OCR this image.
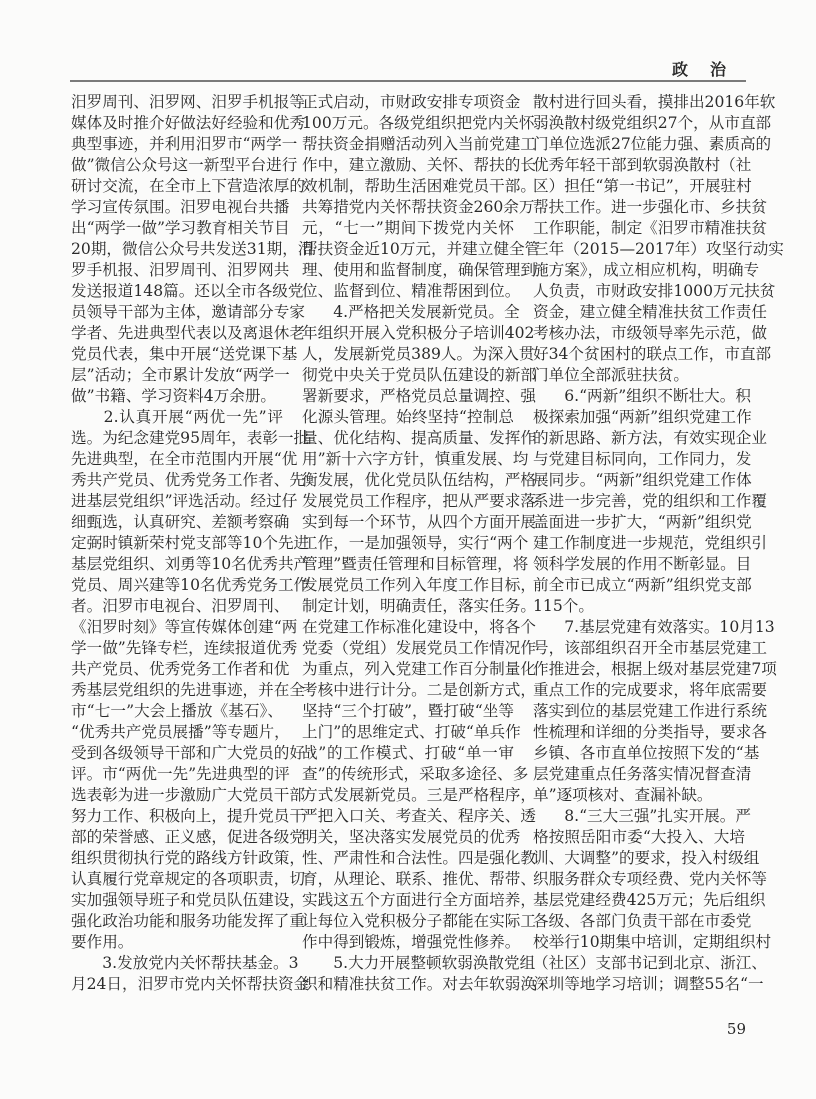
政治
汨罗周刊、汨罗网、汨罗手机报等
媒体及时推介好做法好经验和优秀
典型事迹，并利用汨罗市“两学一
做”微信公众号这一新型平台进行
研讨交流，在全市上下营造浓厚的
学习宣传氛围。汨罗电视台共播
出“两学一做”学习教育相关节目
20期，微信公众号共发送31期，汨
罗手机报、汨罗周刊、汨罗网共
发送报道148篇。还以全市各级党
员领导干部为主体，邀请部分专家
学者、先进典型代表以及离退休老
党员代表，集中开展“送党课下基
层”活动；全市累计发放“两学一
做”书籍、学习资料4万余册。
　　2.认真开展“两优一先”评
选。为纪念建党95周年，表彰一批
先进典型，在全市范围内开展“优
秀共产党员、优秀党务工作者、先
进基层党组织”评选活动。经过仔
细甄选，认真研究、差额考察确
定弼时镇新荣村党支部等10个先进
基层党组织、刘勇等10名优秀共产
党员、周兴建等10名优秀党务工作
者。汨罗市电视台、汨罗周刊、
《汨罗时刻》等宣传媒体创建“两
学一做”先锋专栏，连续报道优秀
共产党员、优秀党务工作者和优
秀基层党组织的先进事迹，并在全
市“七一”大会上播放《基石》、
“优秀共产党员展播”等专题片，
受到各级领导干部和广大党员的好
评。市“两优一先”先进典型的评
选表彰为进一步激励广大党员干部
努力工作、积极向上，提升党员干
部的荣誉感、正义感，促进各级党
组织贯彻执行党的路线方针政策，
认真履行党章规定的各项职责，切
实加强领导班子和党员队伍建设，
强化政治功能和服务功能发挥了重
要作用。
　　3.发放党内关怀帮扶基金。3
月24日，汨罗市党内关怀帮扶资金
正式启动，市财政安排专项资金
100万元。各级党组织把党内关怀
帮扶资金捐赠活动列入当前党建工
作中，建立激励、关怀、帮扶的长
效机制，帮助生活困难党员干部。
共筹措党内关怀帮扶资金260余万
元，“七一”期间下拨党内关怀
帮扶资金近10万元，并建立健全管
理、使用和监督制度，确保管理到
位、监督到位、精准帮困到位。
　　4.严格把关发展新党员。全
年组织开展入党积极分子培训402
人，发展新党员389人。为深入贯
彻党中央关于党员队伍建设的新部
署新要求，严格党员总量调控、强
化源头管理。始终坚持“控制总
量、优化结构、提高质量、发挥作
用”新十六字方针，慎重发展、均
衡发展，优化党员队伍结构，严格
发展党员工作程序，把从严要求落
实到每一个环节，从四个方面开展
工作，一是加强领导，实行“两个
管理”暨责任管理和目标管理，将
发展党员工作列入年度工作目标，
制定计划，明确责任，落实任务。
在党建工作标准化建设中，将各个
党委（党组）发展党员工作情况作
为重点，列入党建工作百分制量化
考核中进行计分。二是创新方式，
坚持“三个打破”，暨打破“坐等
上门”的思维定式、打破“单兵作
战”的工作模式、打破“单一审
查”的传统形式，采取多途径、多
方式发展新党员。三是严格程序，
严把入口关、考查关、程序关、透
明关，坚决落实发展党员的优秀
性、严肃性和合法性。四是强化教
育，从理论、联系、推优、帮带、
实践这五个方面进行全方面培养，
让每位入党积极分子都能在实际工
作中得到锻炼，增强党性修养。
　　5.大力开展整顿软弱涣散党组
织和精准扶贫工作。对去年软弱涣
散村进行回头看，摸排出2016年软
弱涣散村级党组织27个，从市直部
门单位选派27位能力强、素质高的
优秀年轻干部到软弱涣散村（社
区）担任“第一书记”，开展驻村
帮扶工作。进一步强化市、乡扶贫
工作职能，制定《汨罗市精准扶贫
三年（2015—2017年）攻坚行动实
施方案》，成立相应机构，明确专
人负责，市财政安排1000万元扶贫
资金，建立健全精准扶贫工作责任
考核办法，市级领导率先示范，做
好34个贫困村的联点工作，市直部
门单位全部派驻扶贫。
　　6.“两新”组织不断壮大。积
极探索加强“两新”组织党建工作
的新思路、新方法，有效实现企业
与党建目标同向，工作同力，发
展同步。“两新”组织党建工作体
系进一步完善，党的组织和工作覆
盖面进一步扩大，“两新”组织党
建工作制度进一步规范，党组织引
领科学发展的作用不断彰显。目
前全市已成立“两新”组织党支部
115个。
　　7.基层党建有效落实。10月13
号，该部组织召开全市基层党建工
作推进会，根据上级对基层党建7项
重点工作的完成要求，将年底需要
落实到位的基层党建工作进行系统
性梳理和详细的分类指导，要求各
乡镇、各市直单位按照下发的“基
层党建重点任务落实情况督查清
单”逐项核对、查漏补缺。
　　8.“三大三强”扎实开展。严
格按照岳阳市委“大投入、大培
训、大调整”的要求，投入村级组
织服务群众专项经费、党内关怀等
基层党建经费425万元；先后组织
各级、各部门负责干部在市委党
校举行10期集中培训，定期组织村
（社区）支部书记到北京、浙江、
深圳等地学习培训；调整55名“一
59
